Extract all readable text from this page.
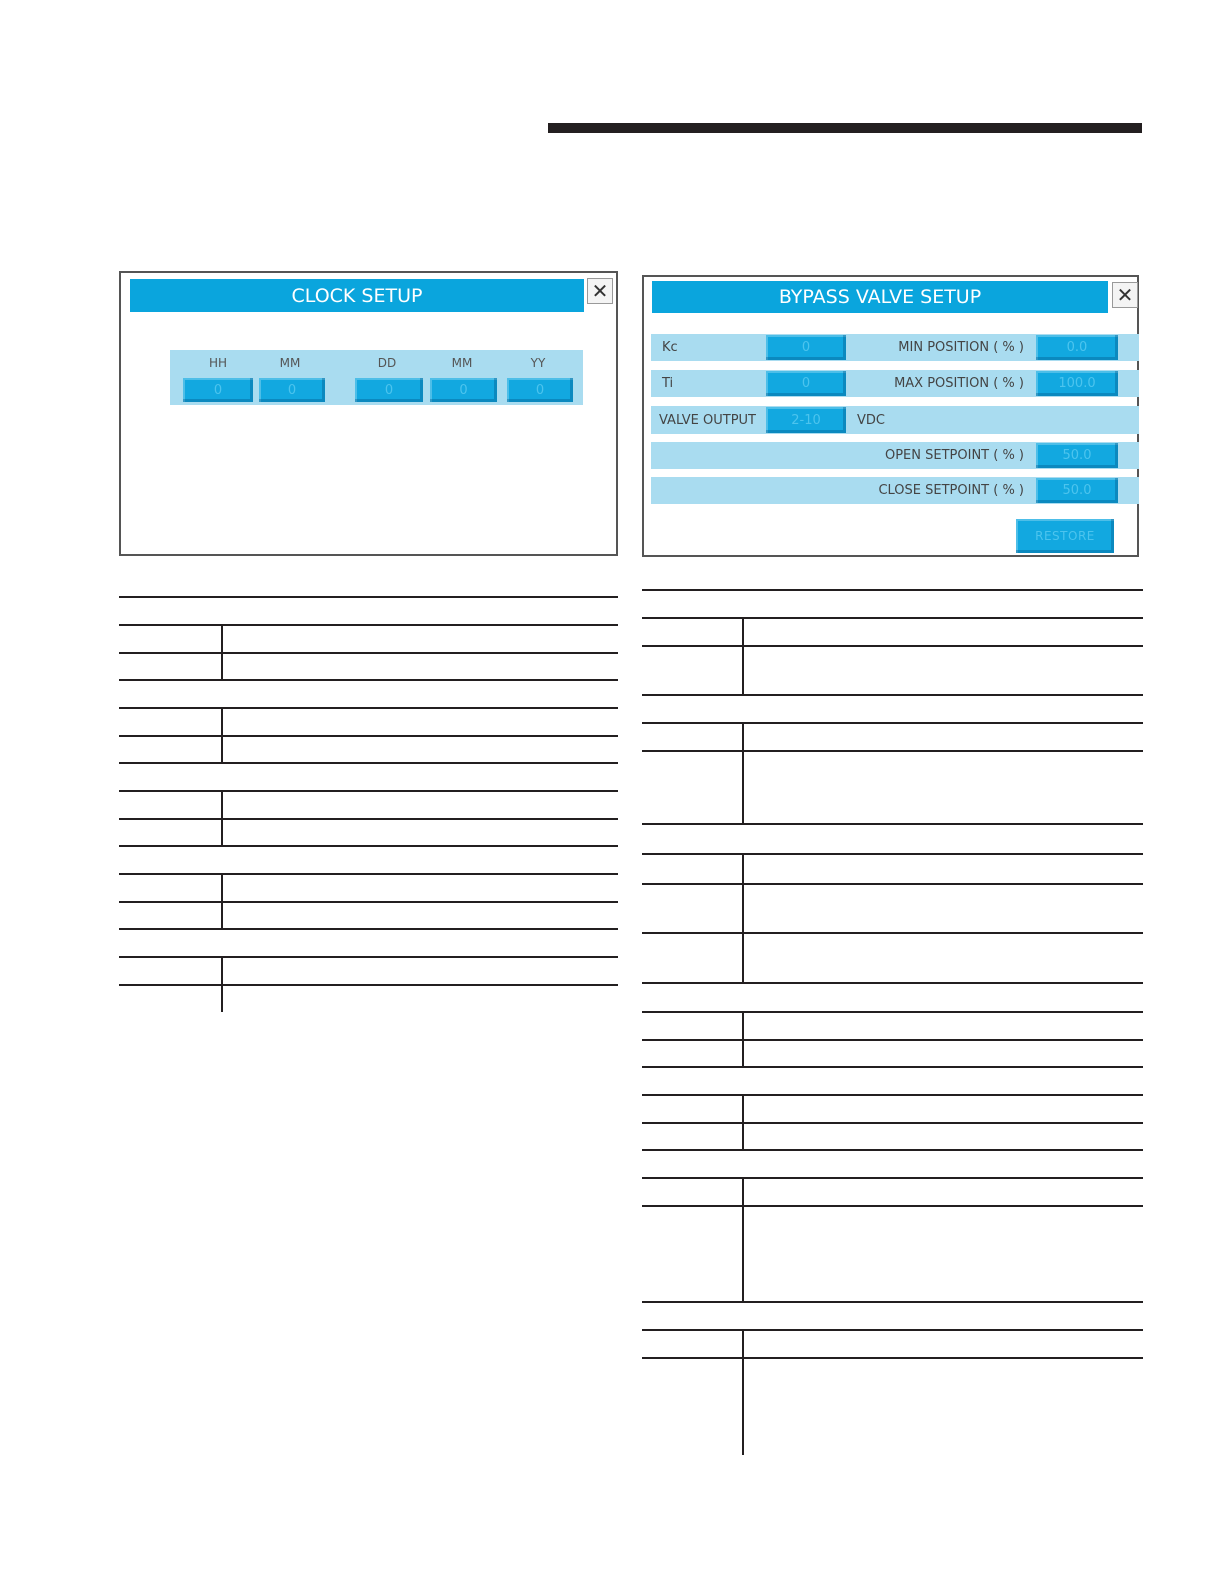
CLOCK SETUP	✕
HH	MM	DD	MM	YY
0	0	0	0	0
BYPASS VALVE SETUP	✕
Kc	0	MIN POSITION ( % )	0.0
Ti	0	MAX POSITION ( % )	100.0
VALVE OUTPUT	2-10	VDC
OPEN SETPOINT ( % )	50.0
CLOSE SETPOINT ( % )	50.0
RESTORE
